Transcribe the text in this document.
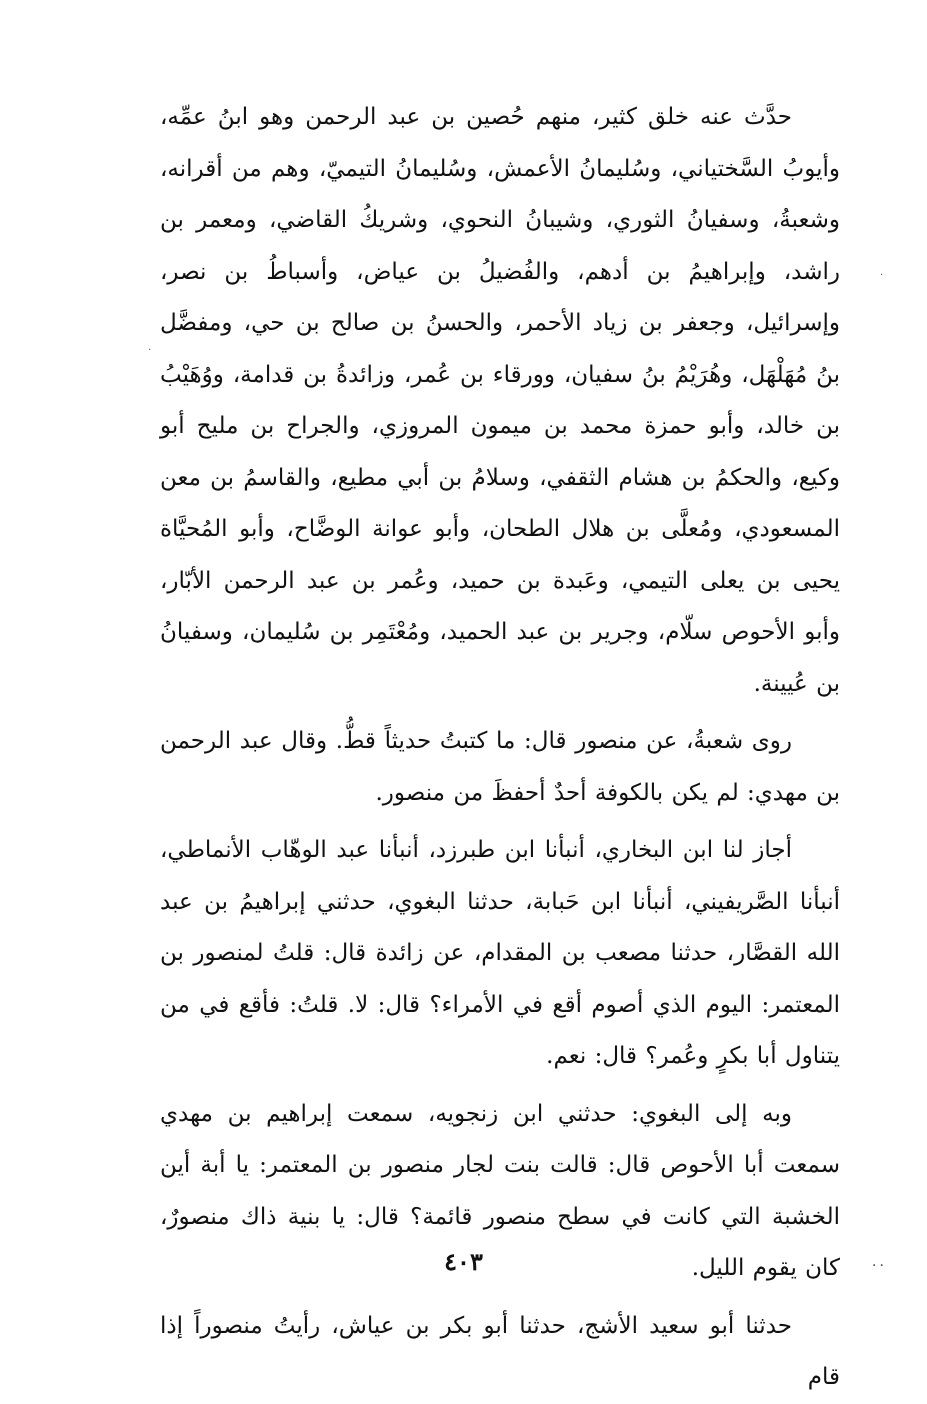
حدَّث عنه خلق كثير، منهم حُصين بن عبد الرحمن وهو ابنُ عمِّه، وأيوبُ السَّختياني، وسُليمانُ الأعمش، وسُليمانُ التيميّ، وهم من أقرانه، وشعبةُ، وسفيانُ الثوري، وشيبانُ النحوي، وشريكُ القاضي، ومعمر بن راشد، وإبراهيمُ بن أدهم، والفُضيلُ بن عياض، وأسباطُ بن نصر، وإسرائيل، وجعفر بن زياد الأحمر، والحسنُ بن صالح بن حي، ومفضَّل بنُ مُهَلْهَل، وهُرَيْمُ بنُ سفيان، وورقاء بن عُمر، وزائدةُ بن قدامة، ووُهَيْبُ بن خالد، وأبو حمزة محمد بن ميمون المروزي، والجراح بن مليح أبو وكيع، والحكمُ بن هشام الثقفي، وسلامُ بن أبي مطيع، والقاسمُ بن معن المسعودي، ومُعلَّى بن هلال الطحان، وأبو عوانة الوضَّاح، وأبو المُحيَّاة يحيى بن يعلى التيمي، وعَبدة بن حميد، وعُمر بن عبد الرحمن الأبّار، وأبو الأحوص سلّام، وجرير بن عبد الحميد، ومُعْتَمِر بن سُليمان، وسفيانُ بن عُيينة.

روى شعبةُ، عن منصور قال: ما كتبتُ حديثاً قطُّ. وقال عبد الرحمن بن مهدي: لم يكن بالكوفة أحدٌ أحفظَ من منصور.

أجاز لنا ابن البخاري، أنبأنا ابن طبرزد، أنبأنا عبد الوهّاب الأنماطي، أنبأنا الصَّريفيني، أنبأنا ابن حَبابة، حدثنا البغوي، حدثني إبراهيمُ بن عبد الله القصَّار، حدثنا مصعب بن المقدام، عن زائدة قال: قلتُ لمنصور بن المعتمر: اليوم الذي أصوم أقع في الأمراء؟ قال: لا. قلتُ: فأقع في من يتناول أبا بكرٍ وعُمر؟ قال: نعم.

وبه إلى البغوي: حدثني ابن زنجويه، سمعت إبراهيم بن مهدي سمعت أبا الأحوص قال: قالت بنت لجار منصور بن المعتمر: يا أبة أين الخشبة التي كانت في سطح منصور قائمة؟ قال: يا بنية ذاك منصورٌ، كان يقوم الليل.

حدثنا أبو سعيد الأشج، حدثنا أبو بكر بن عياش، رأيتُ منصوراً إذا قام

٤٠٣	··
·
·
